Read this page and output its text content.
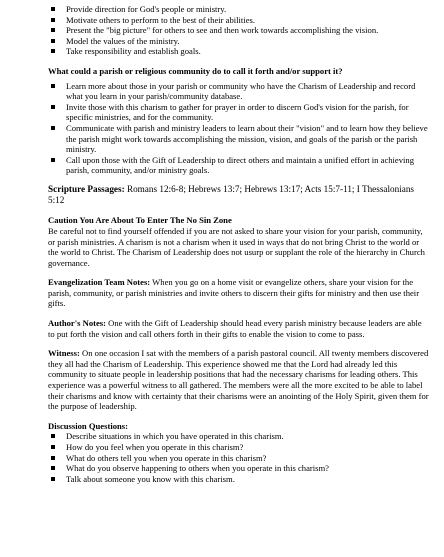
Provide direction for God's people or ministry.
Motivate others to perform to the best of their abilities.
Present the "big picture" for others to see and then work towards accomplishing the vision.
Model the values of the ministry.
Take responsibility and establish goals.

What could a parish or religious community do to call it forth and/or support it?

Learn more about those in your parish or community who have the Charism of Leadership and record what you learn in your parish/community database.
Invite those with this charism to gather for prayer in order to discern God's vision for the parish, for specific ministries, and for the community.
Communicate with parish and ministry leaders to learn about their "vision" and to learn how they believe the parish might work towards accomplishing the mission, vision, and goals of the parish or the parish ministry.
Call upon those with the Gift of Leadership to direct others and maintain a unified effort in achieving parish, community, and/or ministry goals.

Scripture Passages: Romans 12:6-8; Hebrews 13:7; Hebrews 13:17; Acts 15:7-11; I Thessalonians 5:12

Caution You Are About To Enter The No Sin Zone

Be careful not to find yourself offended if you are not asked to share your vision for your parish, community, or parish ministries. A charism is not a charism when it used in ways that do not bring Christ to the world or the world to Christ. The Charism of Leadership does not usurp or supplant the role of the hierarchy in Church governance.

Evangelization Team Notes: When you go on a home visit or evangelize others, share your vision for the parish, community, or parish ministries and invite others to discern their gifts for ministry and then use their gifts.

Author's Notes: One with the Gift of Leadership should head every parish ministry because leaders are able to put forth the vision and call others forth in their gifts to enable the vision to come to pass.

Witness: On one occasion I sat with the members of a parish pastoral council. All twenty members discovered they all had the Charism of Leadership. This experience showed me that the Lord had already led this community to situate people in leadership positions that had the necessary charisms for leading others. This experience was a powerful witness to all gathered. The members were all the more excited to be able to label their charisms and know with certainty that their charisms were an anointing of the Holy Spirit, given them for the purpose of leadership.

Discussion Questions:

Describe situations in which you have operated in this charism.
How do you feel when you operate in this charism?
What do others tell you when you operate in this charism?
What do you observe happening to others when you operate in this charism?
Talk about someone you know with this charism.
